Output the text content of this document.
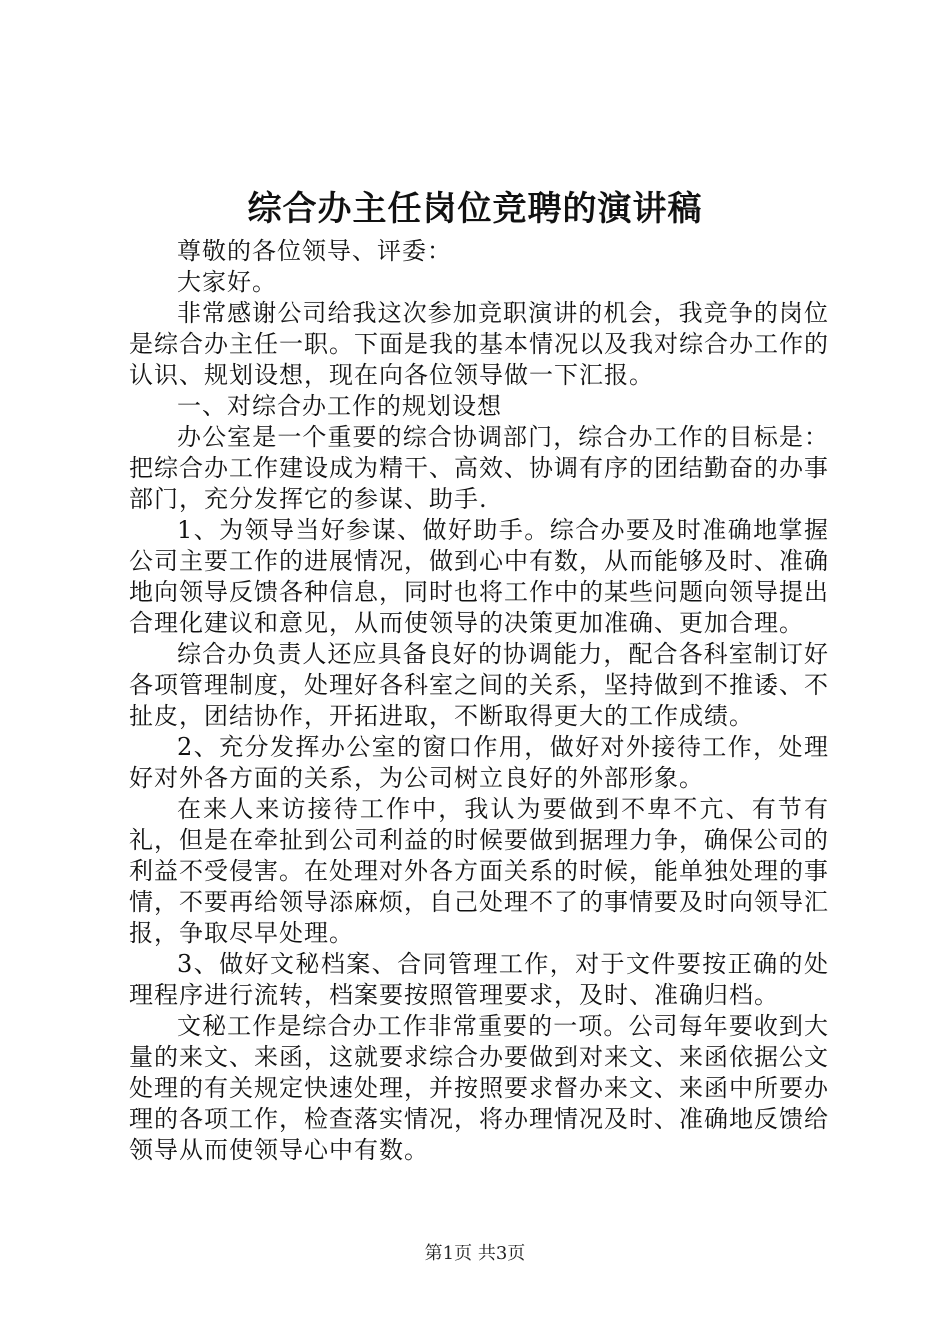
综合办主任岗位竞聘的演讲稿

尊敬的各位领导、评委：

大家好。

非常感谢公司给我这次参加竞职演讲的机会，我竞争的岗位是综合办主任一职。下面是我的基本情况以及我对综合办工作的认识、规划设想，现在向各位领导做一下汇报。

一、对综合办工作的规划设想

办公室是一个重要的综合协调部门，综合办工作的目标是：把综合办工作建设成为精干、高效、协调有序的团结勤奋的办事部门，充分发挥它的参谋、助手.

1、为领导当好参谋、做好助手。综合办要及时准确地掌握公司主要工作的进展情况，做到心中有数，从而能够及时、准确地向领导反馈各种信息，同时也将工作中的某些问题向领导提出合理化建议和意见，从而使领导的决策更加准确、更加合理。

综合办负责人还应具备良好的协调能力，配合各科室制订好各项管理制度，处理好各科室之间的关系，坚持做到不推诿、不扯皮，团结协作，开拓进取，不断取得更大的工作成绩。

2、充分发挥办公室的窗口作用，做好对外接待工作，处理好对外各方面的关系，为公司树立良好的外部形象。

在来人来访接待工作中，我认为要做到不卑不亢、有节有礼，但是在牵扯到公司利益的时候要做到据理力争，确保公司的利益不受侵害。在处理对外各方面关系的时候，能单独处理的事情，不要再给领导添麻烦，自己处理不了的事情要及时向领导汇报，争取尽早处理。

3、做好文秘档案、合同管理工作，对于文件要按正确的处理程序进行流转，档案要按照管理要求，及时、准确归档。

文秘工作是综合办工作非常重要的一项。公司每年要收到大量的来文、来函，这就要求综合办要做到对来文、来函依据公文处理的有关规定快速处理，并按照要求督办来文、来函中所要办理的各项工作，检查落实情况，将办理情况及时、准确地反馈给领导从而使领导心中有数。

第1页 共3页
